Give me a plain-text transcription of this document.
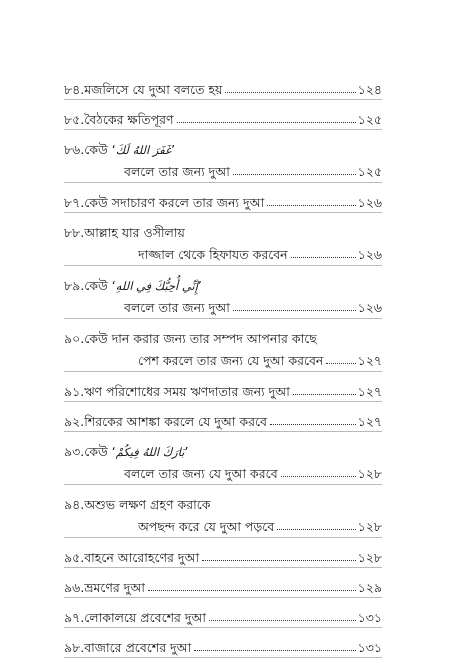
৮৪. মজলিসে যে দুআ বলতে হয়	১২৪
৮৫. বৈঠকের ক্ষতিপূরণ	১২৫
৮৬. কেউ ‘ غَفَرَ اللهُ لَكَ ’
বললে তার জন্য দুআ	১২৫
৮৭. কেউ সদাচারণ করলে তার জন্য দুআ	১২৬
৮৮. আল্লাহ যার ওসীলায়
দাজ্জাল থেকে হিফাযত করবেন	১২৬
৮৯. কেউ ‘ إِنِّي أُحِبُّكَ فِي اللهِ ’
বললে তার জন্য দুআ	১২৬
৯০. কেউ দান করার জন্য তার সম্পদ আপনার কাছে
পেশ করলে তার জন্য যে দুআ করবেন	১২৭
৯১. ঋণ পরিশোধের সময় ঋণদাতার জন্য দুআ	১২৭
৯২. শিরকের আশঙ্কা করলে যে দুআ করবে	১২৭
৯৩. কেউ ‘ بَارَكَ اللهُ فِيكُمْ ’
বললে তার জন্য যে দুআ করবে	১২৮
৯৪. অশুভ লক্ষণ গ্রহণ করাকে
অপছন্দ করে যে দুআ পড়বে	১২৮
৯৫. বাহনে আরোহণের দুআ	১২৮
৯৬. ভ্রমণের দুআ	১২৯
৯৭. লোকালয়ে প্রবেশের দুআ	১৩১
৯৮. বাজারে প্রবেশের দুআ	১৩১
